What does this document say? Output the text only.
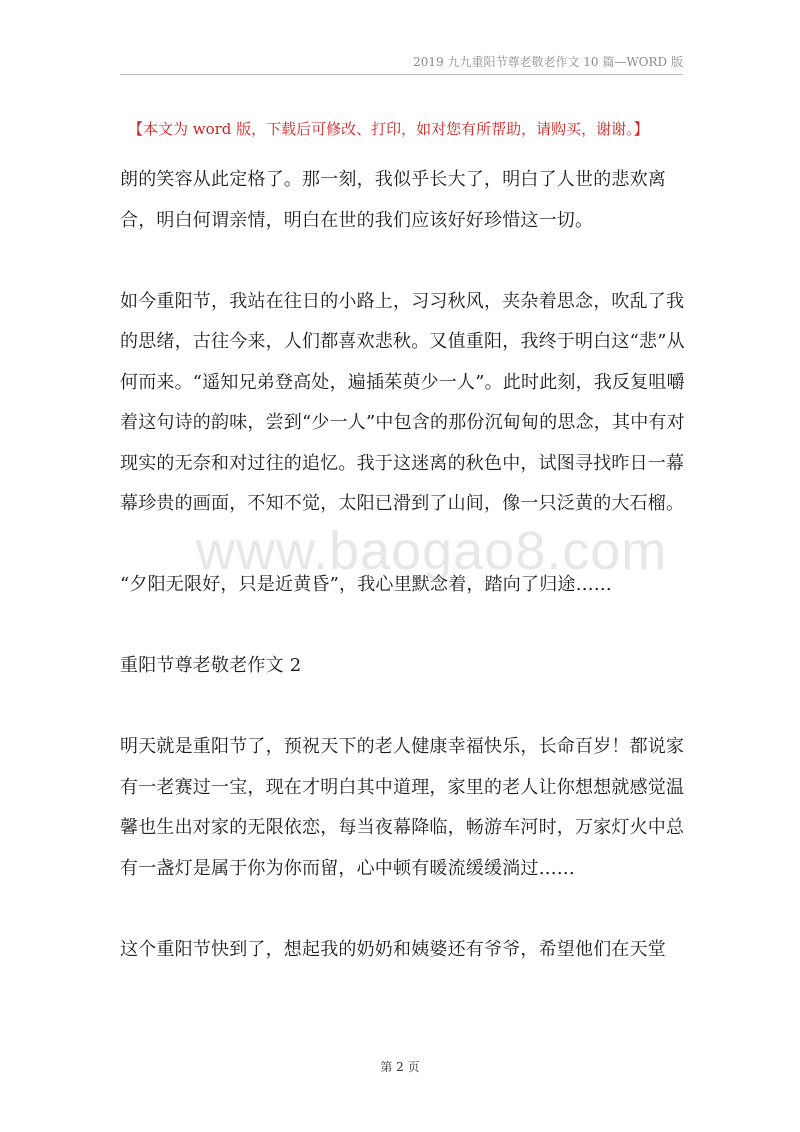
2019 九九重阳节尊老敬老作文 10 篇—WORD 版
【本文为 word 版，下载后可修改、打印，如对您有所帮助，请购买，谢谢。】

朗的笑容从此定格了。那一刻，我似乎长大了，明白了人世的悲欢离合，明白何谓亲情，明白在世的我们应该好好珍惜这一切。

如今重阳节，我站在往日的小路上，习习秋风，夹杂着思念，吹乱了我的思绪，古往今来，人们都喜欢悲秋。又值重阳，我终于明白这“悲”从何而来。“遥知兄弟登高处，遍插茱萸少一人”。此时此刻，我反复咀嚼着这句诗的韵味，尝到“少一人”中包含的那份沉甸甸的思念，其中有对现实的无奈和对过往的追忆。我于这迷离的秋色中，试图寻找昨日一幕幕珍贵的画面，不知不觉，太阳已滑到了山间，像一只泛黄的大石榴。

“夕阳无限好，只是近黄昏”，我心里默念着，踏向了归途……

重阳节尊老敬老作文 2

明天就是重阳节了，预祝天下的老人健康幸福快乐，长命百岁！都说家有一老赛过一宝，现在才明白其中道理，家里的老人让你想想就感觉温馨也生出对家的无限依恋，每当夜幕降临，畅游车河时，万家灯火中总有一盏灯是属于你为你而留，心中顿有暖流缓缓淌过……

这个重阳节快到了，想起我的奶奶和姨婆还有爷爷，希望他们在天堂

www.baogao8.com
第 2 页
